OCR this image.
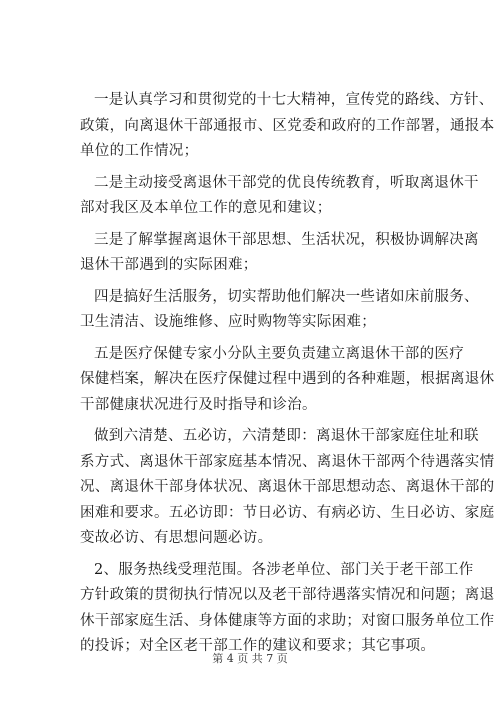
一是认真学习和贯彻党的十七大精神，宣传党的路线、方针、
政策，向离退休干部通报市、区党委和政府的工作部署，通报本
单位的工作情况；

二是主动接受离退休干部党的优良传统教育，听取离退休干
部对我区及本单位工作的意见和建议；

三是了解掌握离退休干部思想、生活状况，积极协调解决离
退休干部遇到的实际困难；

四是搞好生活服务，切实帮助他们解决一些诸如床前服务、
卫生清洁、设施维修、应时购物等实际困难；

五是医疗保健专家小分队主要负责建立离退休干部的医疗
保健档案，解决在医疗保健过程中遇到的各种难题，根据离退休
干部健康状况进行及时指导和诊治。

做到六清楚、五必访，六清楚即：离退休干部家庭住址和联
系方式、离退休干部家庭基本情况、离退休干部两个待遇落实情
况、离退休干部身体状况、离退休干部思想动态、离退休干部的
困难和要求。五必访即：节日必访、有病必访、生日必访、家庭
变故必访、有思想问题必访。

2、服务热线受理范围。各涉老单位、部门关于老干部工作
方针政策的贯彻执行情况以及老干部待遇落实情况和问题；离退
休干部家庭生活、身体健康等方面的求助；对窗口服务单位工作
的投诉；对全区老干部工作的建议和要求；其它事项。

第 4 页 共 7 页
